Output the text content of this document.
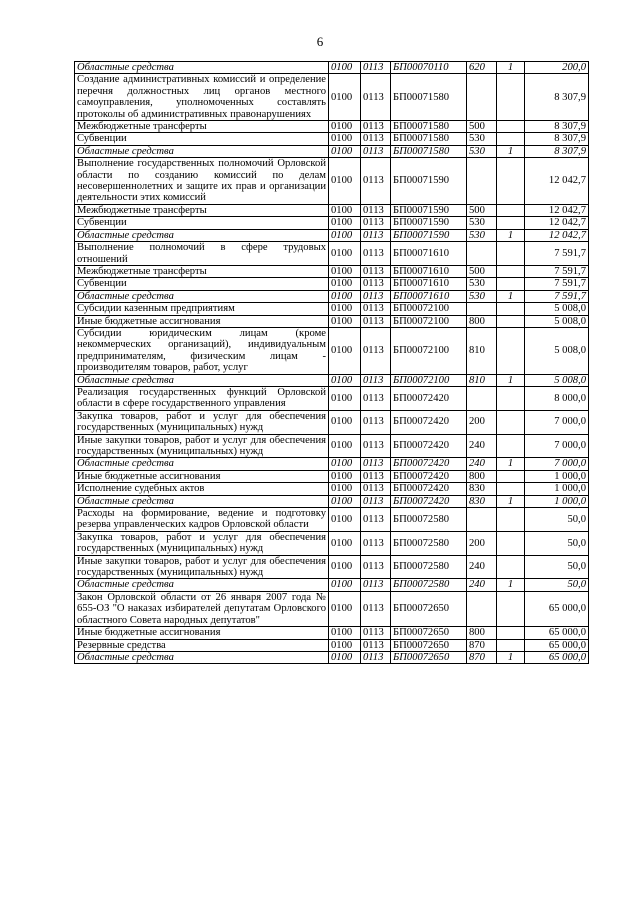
6
Областные средства	0100	0113	БП00070110	620	1	200,0
Создание административных комиссий и определение перечня должностных лиц органов местного самоуправления, уполномоченных составлять протоколы об административных правонарушениях	0100	0113	БП00071580			8 307,9
Межбюджетные трансферты	0100	0113	БП00071580	500		8 307,9
Субвенции	0100	0113	БП00071580	530		8 307,9
Областные средства	0100	0113	БП00071580	530	1	8 307,9
Выполнение государственных полномочий Орловской области по созданию комиссий по делам несовершеннолетних и защите их прав и организации деятельности этих комиссий	0100	0113	БП00071590			12 042,7
Межбюджетные трансферты	0100	0113	БП00071590	500		12 042,7
Субвенции	0100	0113	БП00071590	530		12 042,7
Областные средства	0100	0113	БП00071590	530	1	12 042,7
Выполнение полномочий в сфере трудовых отношений	0100	0113	БП00071610			7 591,7
Межбюджетные трансферты	0100	0113	БП00071610	500		7 591,7
Субвенции	0100	0113	БП00071610	530		7 591,7
Областные средства	0100	0113	БП00071610	530	1	7 591,7
Субсидии казенным предприятиям	0100	0113	БП00072100			5 008,0
Иные бюджетные ассигнования	0100	0113	БП00072100	800		5 008,0
Субсидии юридическим лицам (кроме некоммерческих организаций), индивидуальным предпринимателям, физическим лицам - производителям товаров, работ, услуг	0100	0113	БП00072100	810		5 008,0
Областные средства	0100	0113	БП00072100	810	1	5 008,0
Реализация государственных функций Орловской области в сфере государственного управления	0100	0113	БП00072420			8 000,0
Закупка товаров, работ и услуг для обеспечения государственных (муниципальных) нужд	0100	0113	БП00072420	200		7 000,0
Иные закупки товаров, работ и услуг для обеспечения государственных (муниципальных) нужд	0100	0113	БП00072420	240		7 000,0
Областные средства	0100	0113	БП00072420	240	1	7 000,0
Иные бюджетные ассигнования	0100	0113	БП00072420	800		1 000,0
Исполнение судебных актов	0100	0113	БП00072420	830		1 000,0
Областные средства	0100	0113	БП00072420	830	1	1 000,0
Расходы на формирование, ведение и подготовку резерва управленческих кадров Орловской области	0100	0113	БП00072580			50,0
Закупка товаров, работ и услуг для обеспечения государственных (муниципальных) нужд	0100	0113	БП00072580	200		50,0
Иные закупки товаров, работ и услуг для обеспечения государственных (муниципальных) нужд	0100	0113	БП00072580	240		50,0
Областные средства	0100	0113	БП00072580	240	1	50,0
Закон Орловской области от 26 января 2007 года № 655-ОЗ "О наказах избирателей депутатам Орловского областного Совета народных депутатов"	0100	0113	БП00072650			65 000,0
Иные бюджетные ассигнования	0100	0113	БП00072650	800		65 000,0
Резервные средства	0100	0113	БП00072650	870		65 000,0
Областные средства	0100	0113	БП00072650	870	1	65 000,0
